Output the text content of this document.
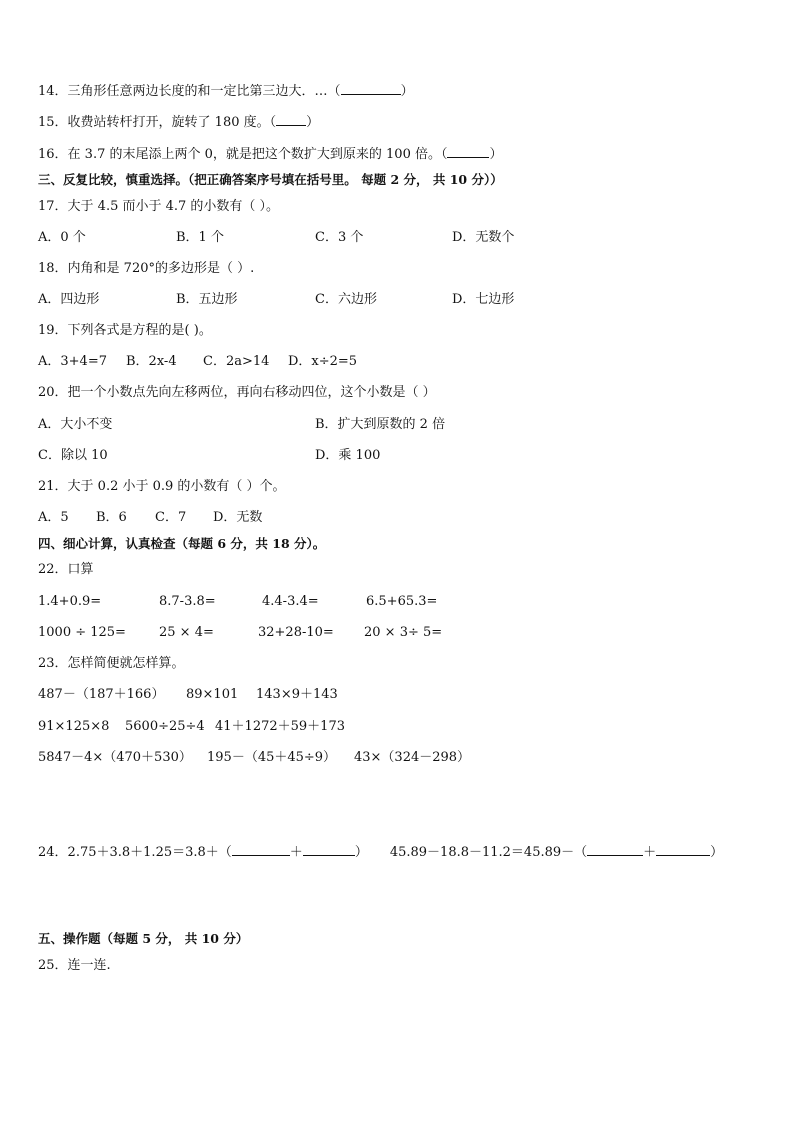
14．三角形任意两边长度的和一定比第三边大．…（	）
15．收费站转杆打开，旋转了 180 度。（ ）
16．在 3.7 的末尾添上两个 0，就是把这个数扩大到原来的 100 倍。（	）
三、反复比较，慎重选择。（把正确答案序号填在括号里。 每题 2 分， 共 10 分））
17．大于 4.5 而小于 4.7 的小数有（ ）。
A．0 个	B．1 个	C．3 个	D．无数个
18．内角和是 720°的多边形是（ ）.
A．四边形	B．五边形	C．六边形	D．七边形
19．下列各式是方程的是( )。
A．3+4=7 B．2x-4 C．2a>14 D．x÷2=5
20．把一个小数点先向左移两位，再向右移动四位，这个小数是（ ）
A．大小不变	B．扩大到原数的 2 倍
C．除以 10	D．乘 100
21．大于 0.2 小于 0.9 的小数有（ ）个。
A．5 B．6 C．7 D．无数
四、细心计算，认真检查（每题 6 分，共 18 分）。
22．口算
1.4+0.9=	8.7-3.8=	4.4-3.4=	6.5+65.3=
1000 ÷ 125=	25 × 4=	32+28-10= 20 × 3÷ 5=
23．怎样简便就怎样算。
487－（187＋166） 89×101 143×9＋143
91×125×8 5600÷25÷4 41＋1272＋59＋173
5847－4×（470＋530） 195－（45＋45÷9） 43×（324－298）
24．2.75＋3.8＋1.25＝3.8＋（	＋	） 45.89－18.8－11.2＝45.89－（	＋	）
五、操作题（每题 5 分， 共 10 分）
25．连一连.
